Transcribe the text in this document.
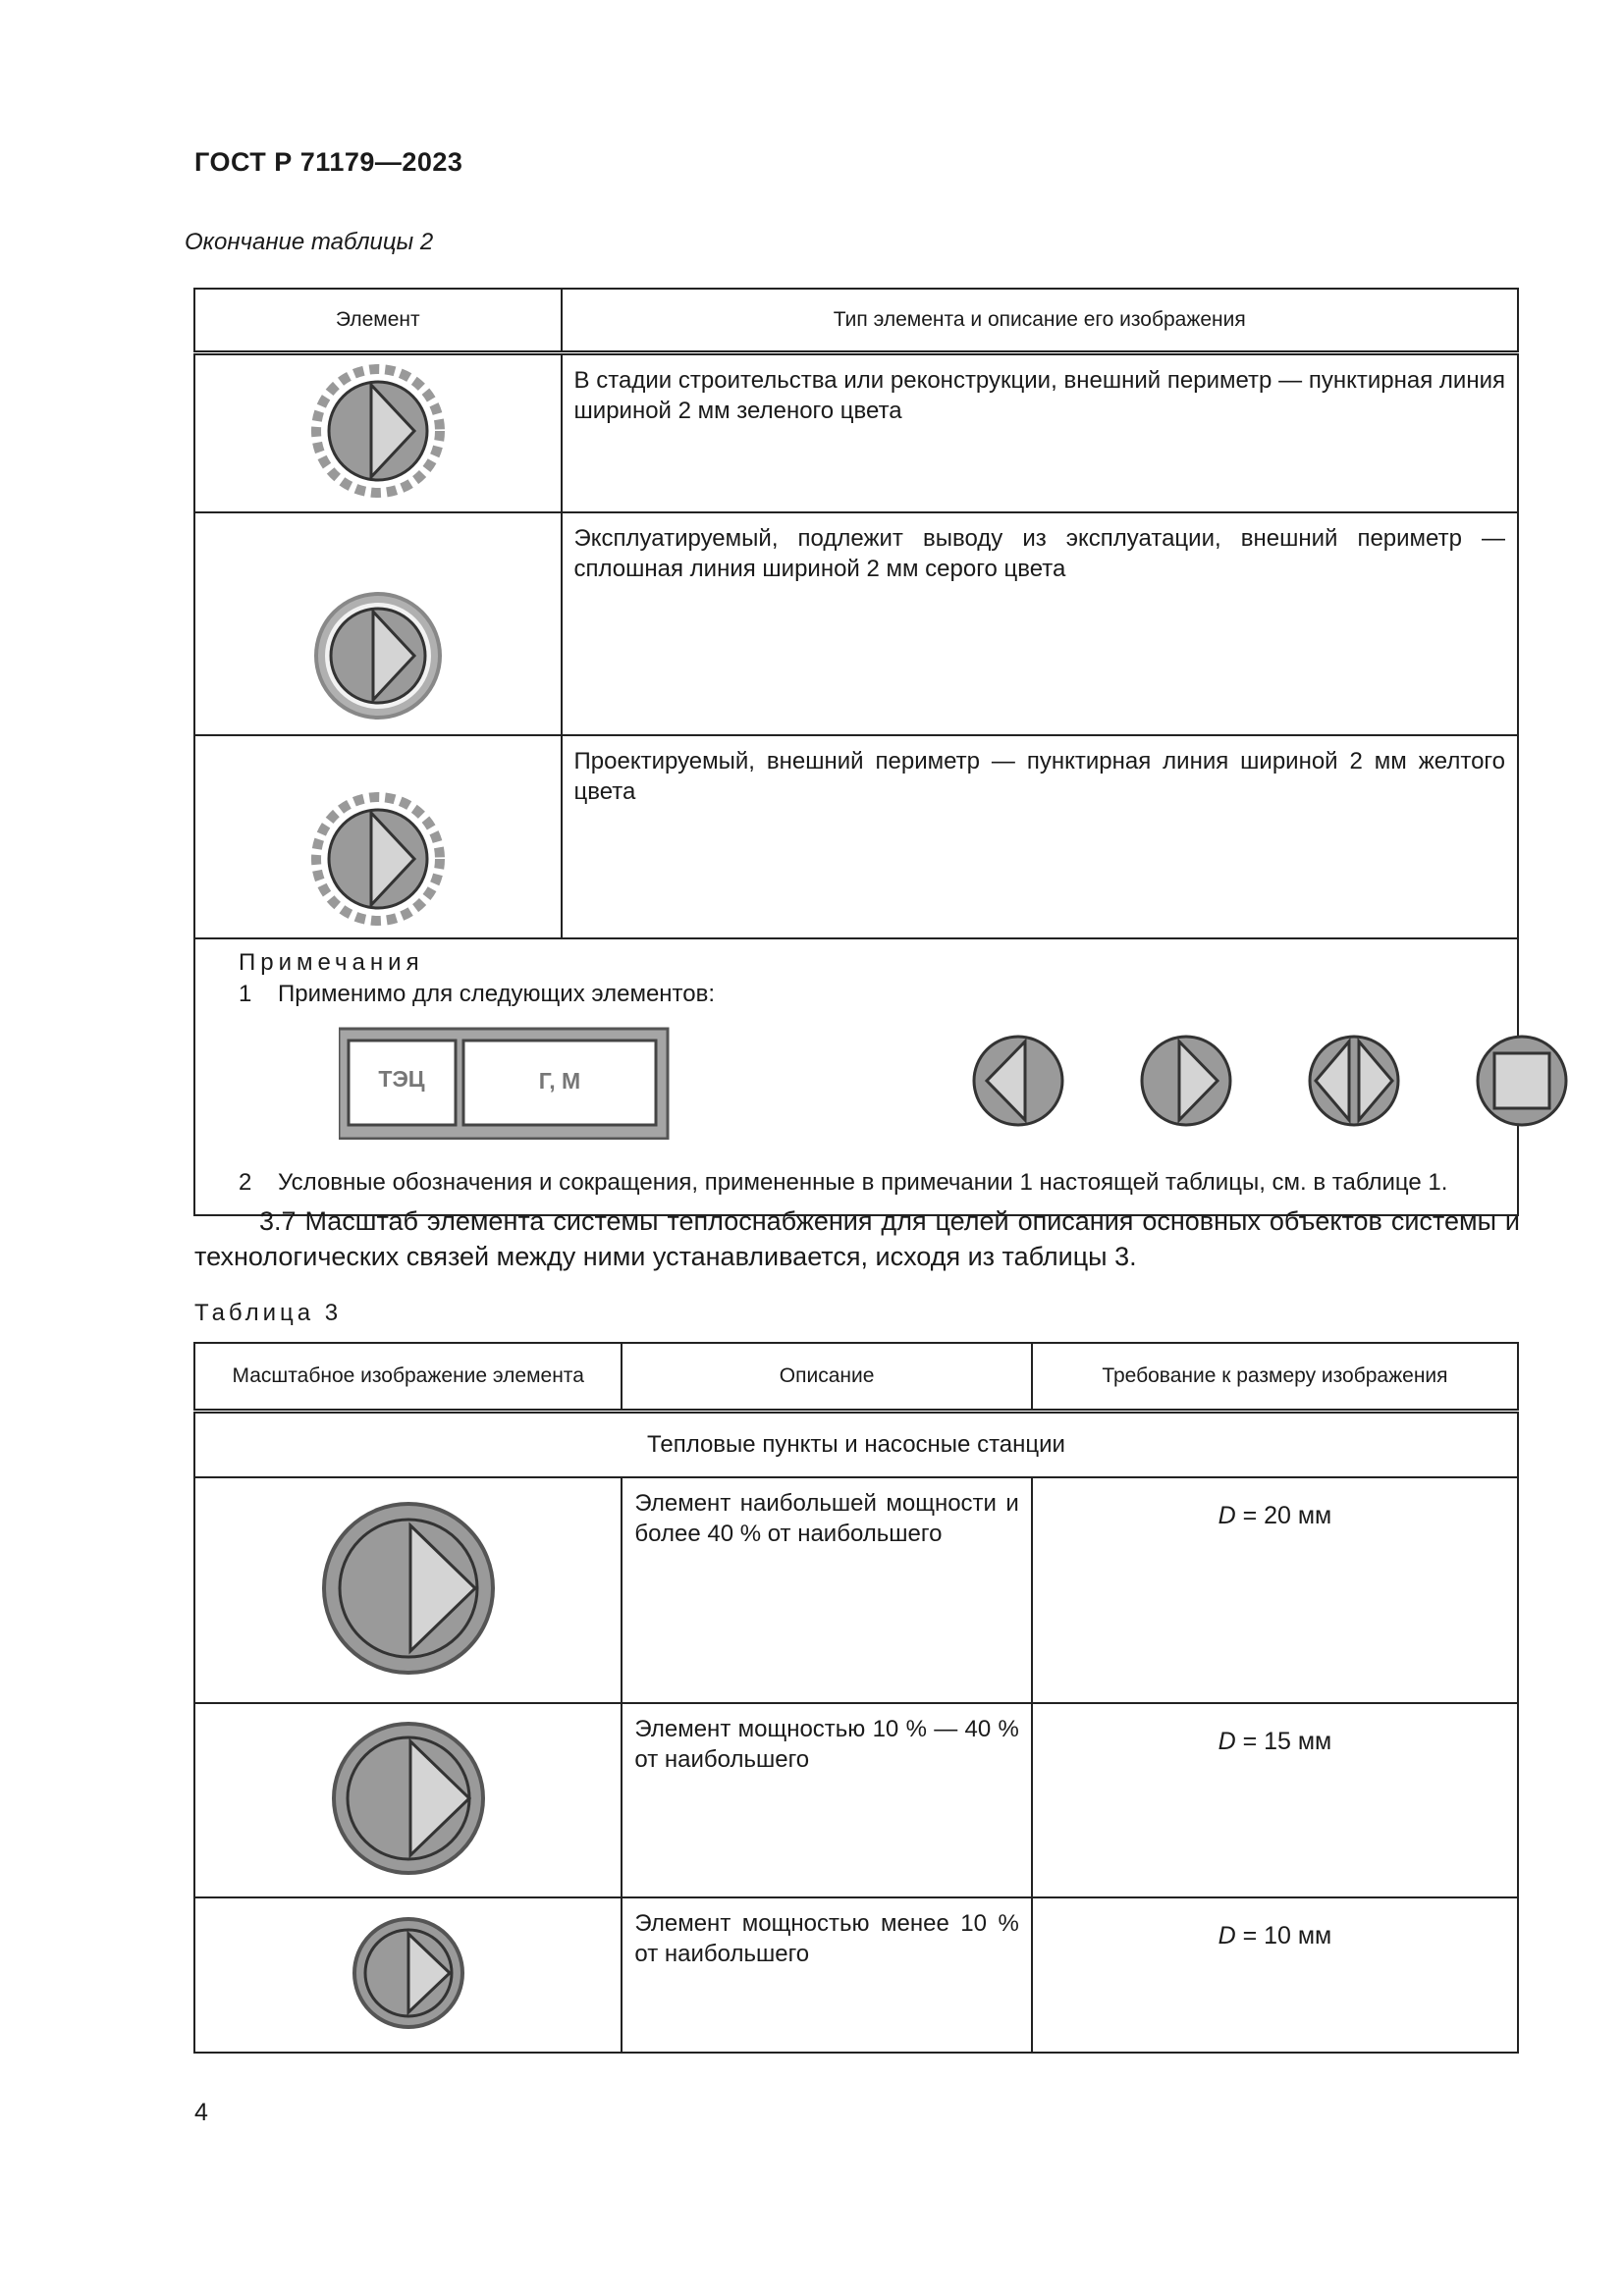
ГОСТ Р 71179—2023
Окончание таблицы 2
Элемент	Тип элемента и описание его изображения
	В стадии строительства или реконструкции, внешний периметр — пунктирная линия шириной 2 мм зеленого цвета
	Эксплуатируемый, подлежит выводу из эксплуатации, внешний периметр — сплошная линия шириной 2 мм серого цвета
	Проектируемый, внешний периметр — пунктирная линия шириной 2 мм желтого цвета

Примечания
1 Применимо для следующих элементов:
ТЭЦ Г, М
2 Условные обозначения и сокращения, примененные в примечании 1 настоящей таблицы, см. в таблице 1.	
3.7 Масштаб элемента системы теплоснабжения для целей описания основных объектов системы и технологических связей между ними устанавливается, исходя из таблицы 3.
Таблица 3
Масштабное изображение элемента	Описание	Требование к размеру изображения
Тепловые пункты и насосные станции		
	Элемент наибольшей мощности и более 40 % от наибольшего	D = 20 мм
	Элемент мощностью 10 % — 40 % от наибольшего	D = 15 мм
	Элемент мощностью менее 10 % от наибольшего	D = 10 мм
4
